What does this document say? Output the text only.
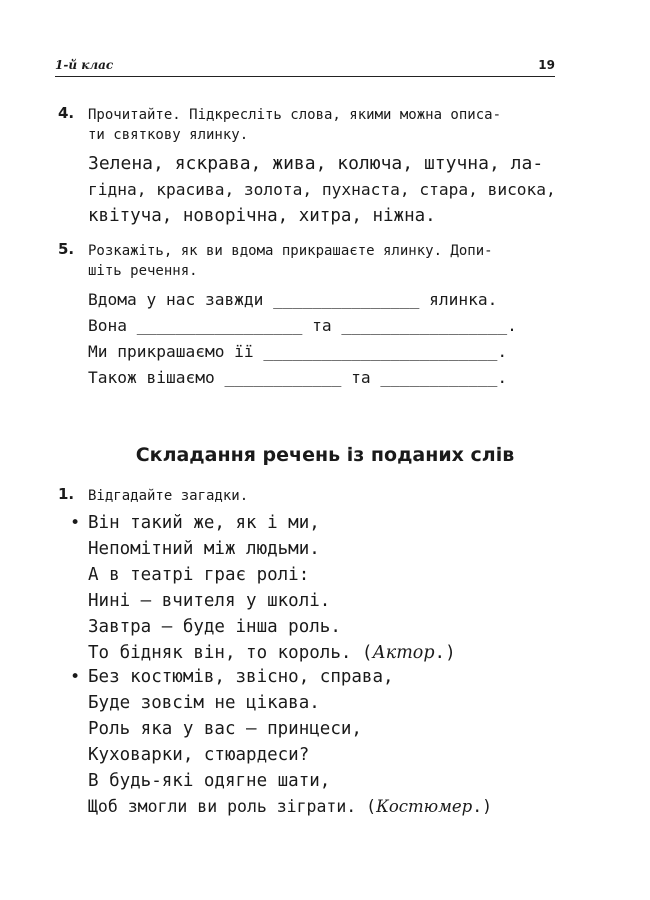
1-й клас	19
4. Прочитайте. Підкресліть слова, якими можна описа-
ти святкову ялинку.
Зелена, яскрава, жива, колюча, штучна, ла-
гідна, красива, золота, пухнаста, стара, висока,
квітуча, новорічна, хитра, ніжна.
5. Розкажіть, як ви вдома прикрашаєте ялинку. Допи-
шіть речення.
Вдома у нас завжди _______________ ялинка.
Вона _________________ та _________________.
Ми прикрашаємо її ________________________.
Також вішаємо ____________ та ____________.
Складання речень із поданих слів
1. Відгадайте загадки.
• Він такий же, як і ми,
Непомітний між людьми.
А в театрі грає ролі:
Нині — вчителя у школі.
Завтра — буде інша роль.
То бідняк він, то король. (Актор.)
• Без костюмів, звісно, справа,
Буде зовсім не цікава.
Роль яка у вас — принцеси,
Куховарки, стюардеси?
В будь-які одягне шати,
Щоб змогли ви роль зіграти. (Костюмер.)
